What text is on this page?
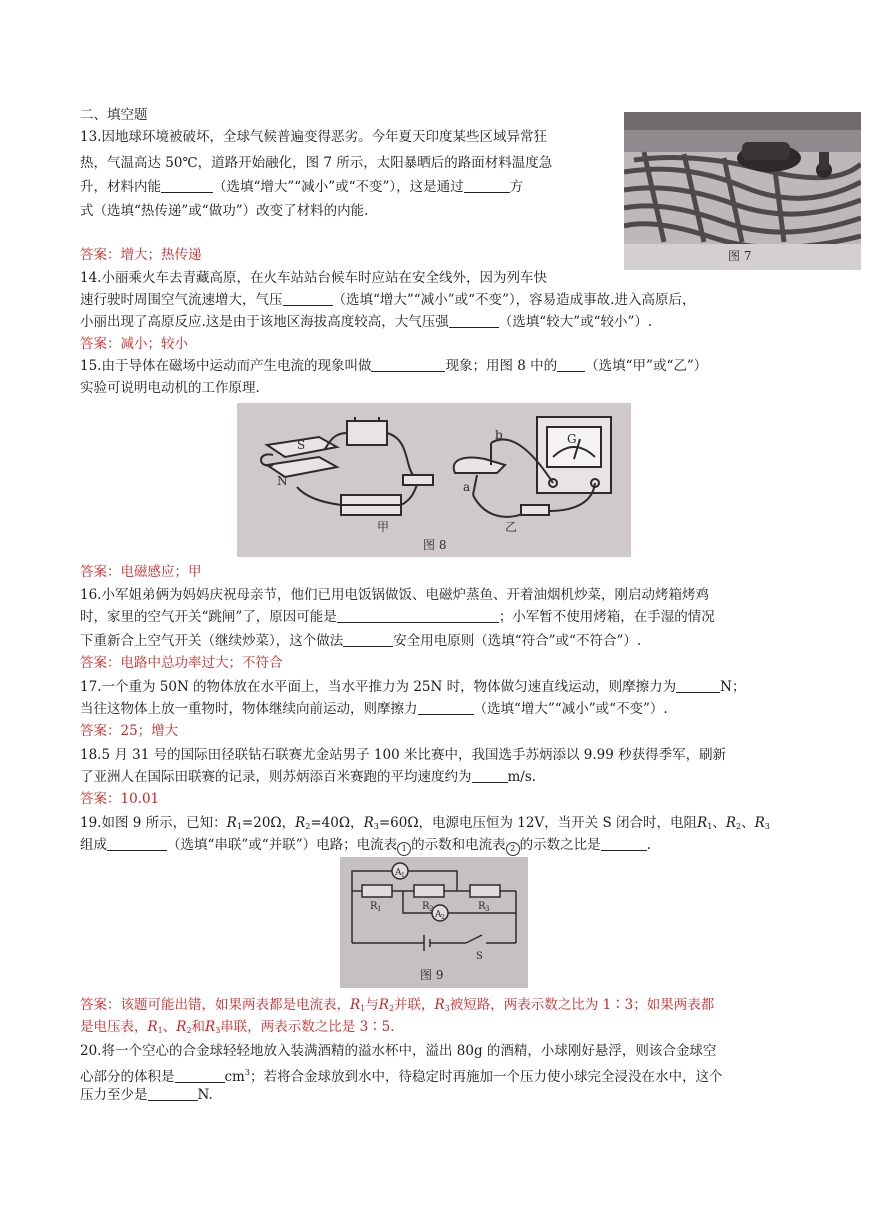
二、填空题
13.因地球环境被破坏，全球气候普遍变得恶劣。今年夏天印度某些区域异常狂
热，气温高达 50℃，道路开始融化，图 7 所示，太阳暴晒后的路面材料温度急
升，材料内能	（选填“增大”“减小”或“不变”），这是通过	方
式（选填“热传递”或“做功”）改变了材料的内能.
答案：增大；热传递	图 7
14.小丽乘火车去青藏高原，在火车站站台候车时应站在安全线外，因为列车快
速行驶时周围空气流速增大，气压	（选填“增大”“减小”或“不变”），容易造成事故.进入高原后，
小丽出现了高原反应.这是由于该地区海拔高度较高，大气压强	（选填“较大”或“较小”）.
答案：减小；较小
15.由于导体在磁场中运动而产生电流的现象叫做	现象；用图 8 中的 （选填“甲”或“乙”）
实验可说明电动机的工作原理.
S
N	a
b	G
甲	乙
图 8
答案：电磁感应；甲
16.小军姐弟俩为妈妈庆祝母亲节，他们已用电饭锅做饭、电磁炉蒸鱼、开着油烟机炒菜，刚启动烤箱烤鸡
时，家里的空气开关“跳闸”了，原因可能是	；小军暂不使用烤箱，在手湿的情况
下重新合上空气开关（继续炒菜），这个做法	安全用电原则（选填“符合”或“不符合”）.
答案：电路中总功率过大；不符合
17.一个重为 50N 的物体放在水平面上，当水平推力为 25N 时，物体做匀速直线运动，则摩擦力为	N；
当往这物体上放一重物时，物体继续向前运动，则摩擦力	（选填“增大”“减小”或“不变”）.
答案：25；增大
18.5 月 31 号的国际田径联钻石联赛尤金站男子 100 米比赛中，我国选手苏炳添以 9.99 秒获得季军，刷新
了亚洲人在国际田联赛的记录，则苏炳添百米赛跑的平均速度约为	m/s.
答案：10.01
19.如图 9 所示，已知：$R_1=20\Omega$，$R_2=40\Omega$，$R_3=60\Omega$，电源电压恒为 12V，当开关 S 闭合时，电阻$R_1$、$R_2$、$R_3$
组成	（选填“串联”或“并联”）电路；电流表 1 的示数和电流表 2 的示数之比是	.
A 1
A 2
R 1	R 2	R 3
S
图 9
答案：该题可能出错，如果两表都是电流表，$R_1$与$R_2$并联，$R_3$被短路，两表示数之比为 1∶3；如果两表都
是电压表，$R_1$、$R_2$和$R_3$串联，两表示数之比是 3∶5.
20.将一个空心的合金球轻轻地放入装满酒精的溢水杯中，溢出 80g 的酒精，小球刚好悬浮，则该合金球空
心部分的体积是	$cm^3$；若将合金球放到水中，待稳定时再施加一个压力使小球完全浸没在水中，这个
压力至少是	N.
